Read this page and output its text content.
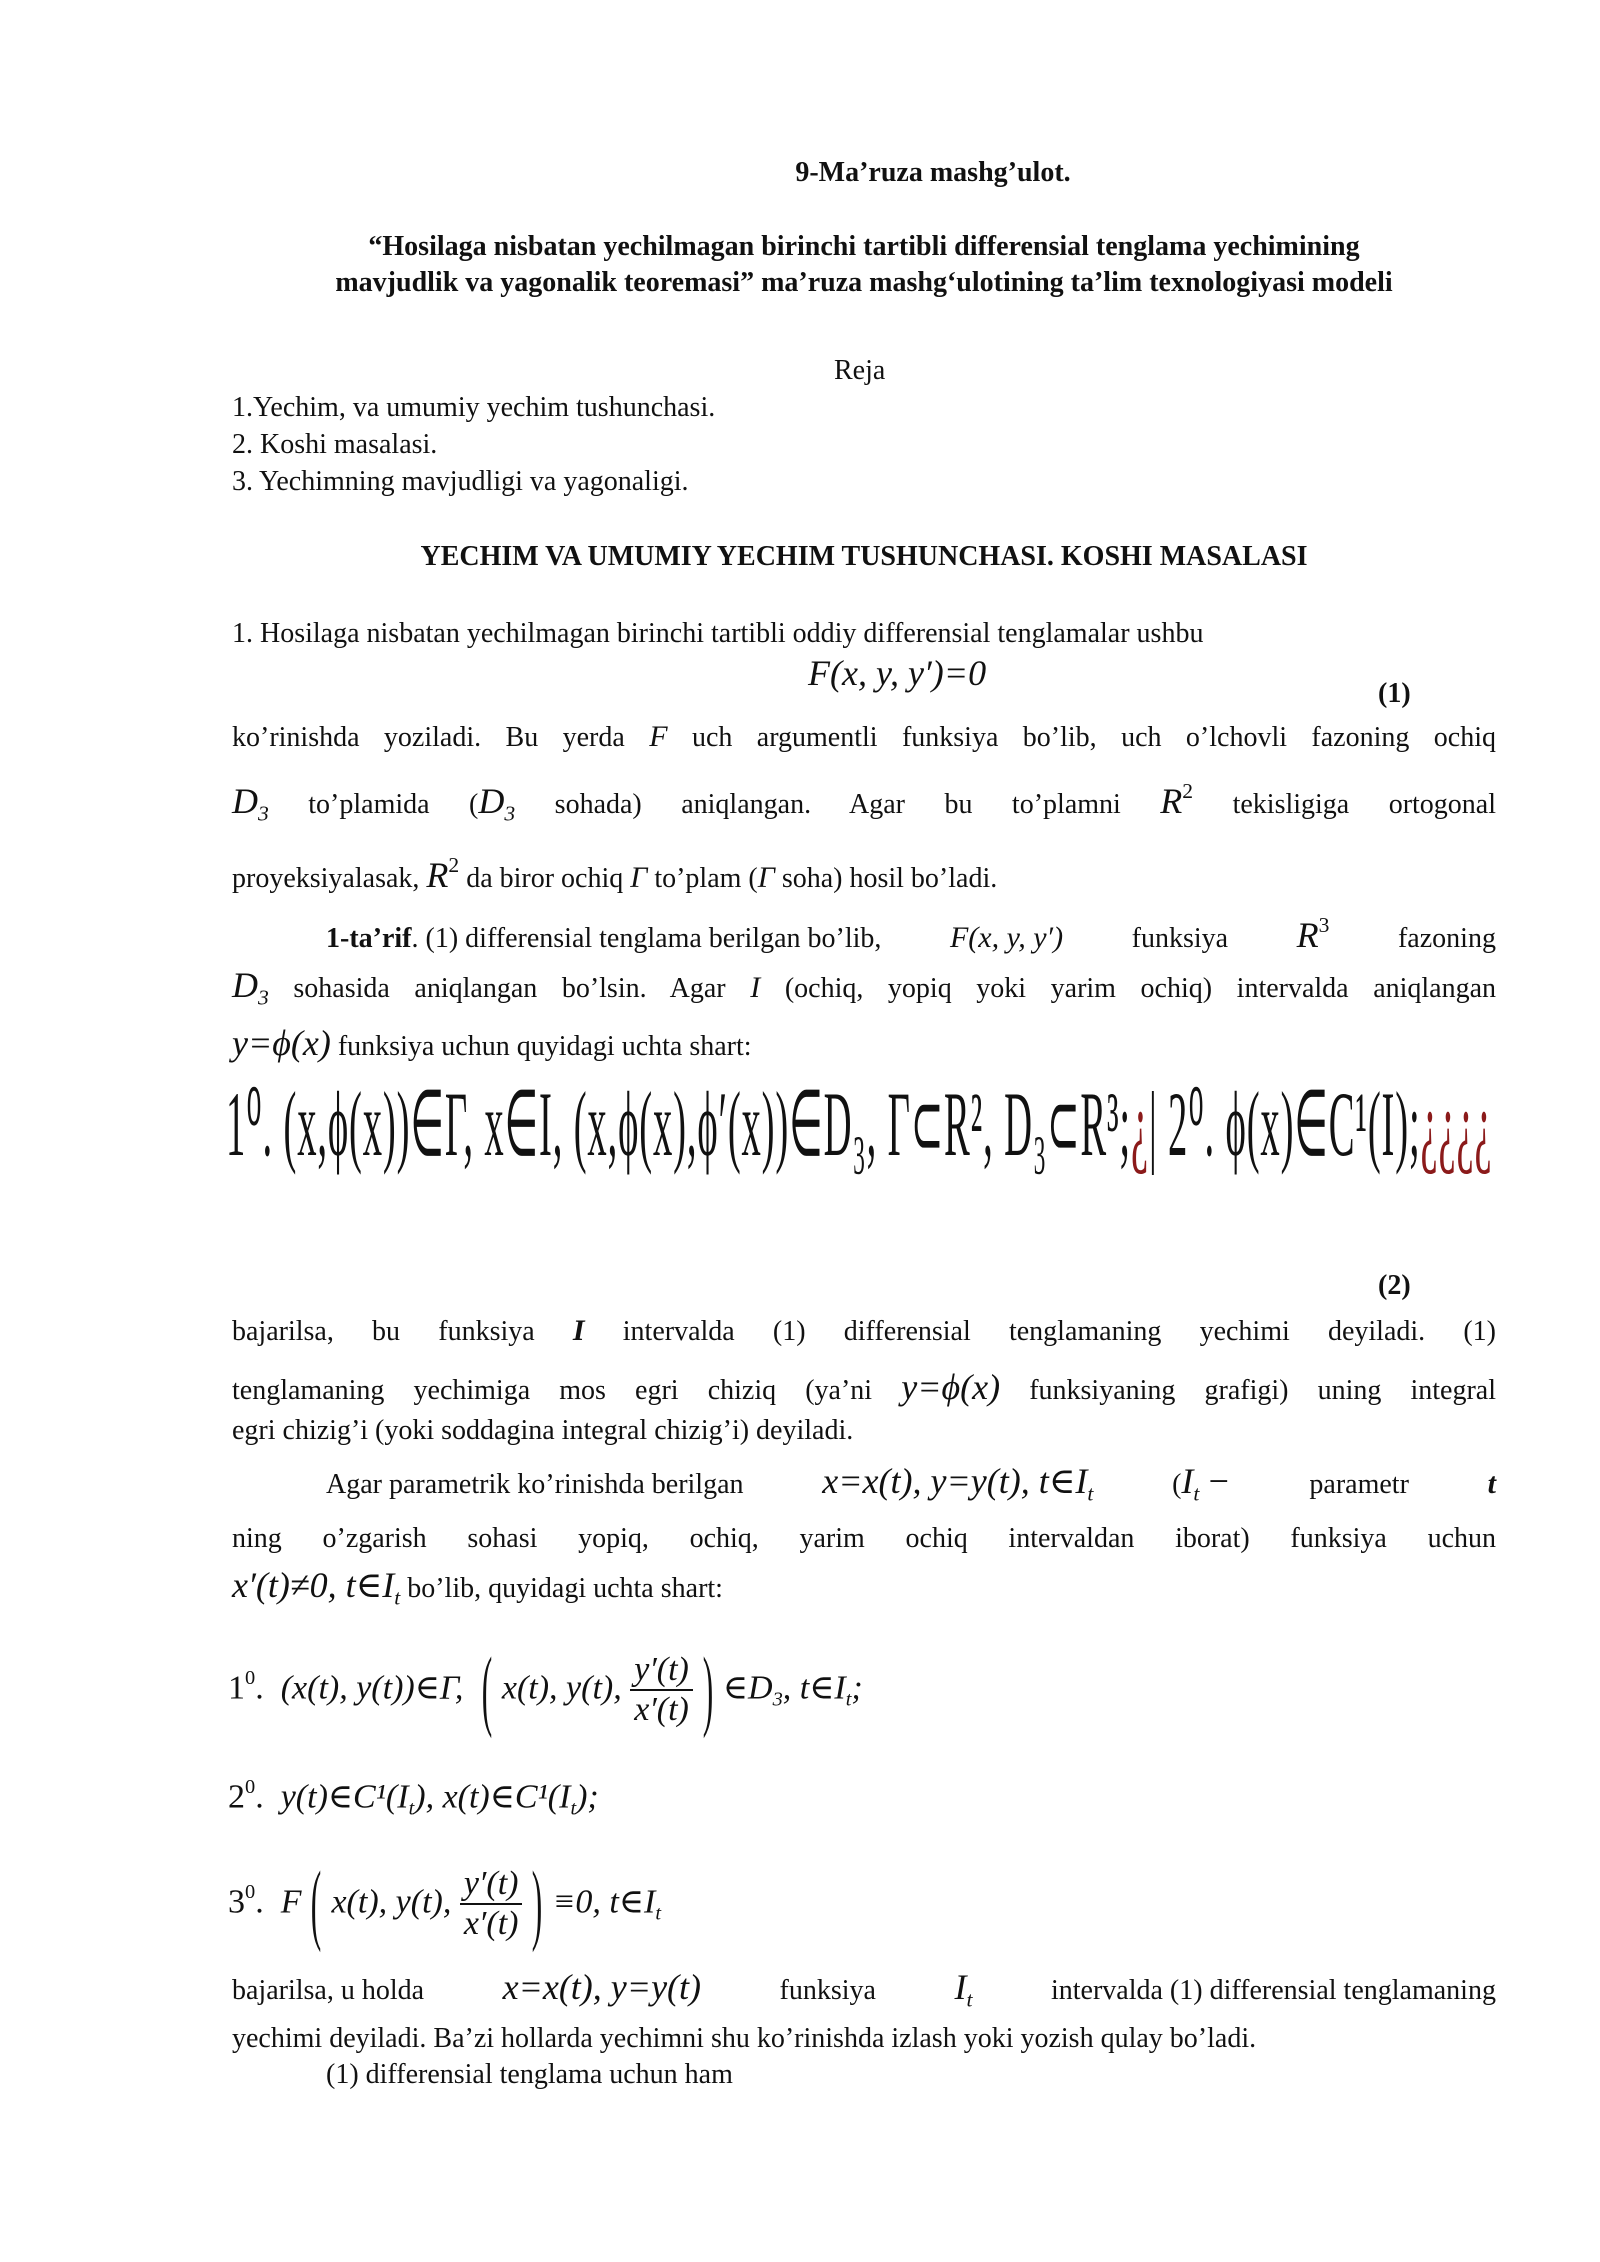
9-Ma’ruza mashg’ulot.
“Hosilaga nisbatan yechilmagan birinchi tartibli differensial tenglama yechimining
mavjudlik va yagonalik teoremasi” ma’ruza mashg‘ulotining ta’lim texnologiyasi modeli
Reja
1.Yechim, va umumiy yechim tushunchasi.
2. Koshi masalasi.
3. Yechimning mavjudligi va yagonaligi.
YECHIM VA UMUMIY YECHIM TUSHUNCHASI. KOSHI MASALASI
1. Hosilaga nisbatan yechilmagan birinchi tartibli oddiy differensial tenglamalar ushbu
F(x, y, y′)=0
(1)
ko’rinishda yoziladi. Bu yerda F uch argumentli funksiya bo’lib, uch o’lchovli fazoning ochiq
$D_3$ to’plamida ($D_3$ sohada) aniqlangan. Agar bu to’plamni $R^2$ tekisligiga ortogonal
proyeksiyalasak, $R^2$ da biror ochiq Γ to’plam (Γ soha) hosil bo’ladi.
1-ta’rif. (1) differensial tenglama berilgan bo’lib, F(x, y, y′) funksiya $R^3$ fazoning
$D_3$ sohasida aniqlangan bo’lsin. Agar I (ochiq, yopiq yoki yarim ochiq) intervalda aniqlangan
y=ϕ(x) funksiya uchun quyidagi uchta shart:
1⁰. (x,ϕ(x))∈Γ, x∈I, (x,ϕ(x),ϕ′(x))∈D₃, Γ⊂R², D₃⊂R³;¿| 2⁰. ϕ(x)∈C¹(I);¿¿¿¿
(2)
bajarilsa, bu funksiya I intervalda (1) differensial tenglamaning yechimi deyiladi. (1)
tenglamaning yechimiga mos egri chiziq (ya’ni y=ϕ(x) funksiyaning grafigi) uning integral
egri chizig’i (yoki soddagina integral chizig’i) deyiladi.
Agar parametrik ko’rinishda berilgan x=x(t), y=y(t), $t\in I_t$	($I_t$ −	parametr	t
ning o’zgarish sohasi yopiq, ochiq, yarim ochiq intervaldan iborat) funksiya uchun
x′(t)≠0, $t\in I_t$ bo’lib, quyidagi uchta shart:
$1^0$.  (x(t), y(t))∈Γ, ( x(t), y(t), $\frac{y'(t)}{x'(t)}$ ) $\in D_3$, $t\in I_t$;
$2^0$.  $y(t)\in C^1(I_t)$, $x(t)\in C^1(I_t)$;
$3^0$.  F ( x(t), y(t), $\frac{y'(t)}{x'(t)}$ ) ≡0, $t\in I_t$
bajarilsa, u holda x=x(t), y=y(t)	funksiya $I_t$	intervalda (1) differensial tenglamaning
yechimi deyiladi. Ba’zi hollarda yechimni shu ko’rinishda izlash yoki yozish qulay bo’ladi.
(1) differensial tenglama uchun ham
